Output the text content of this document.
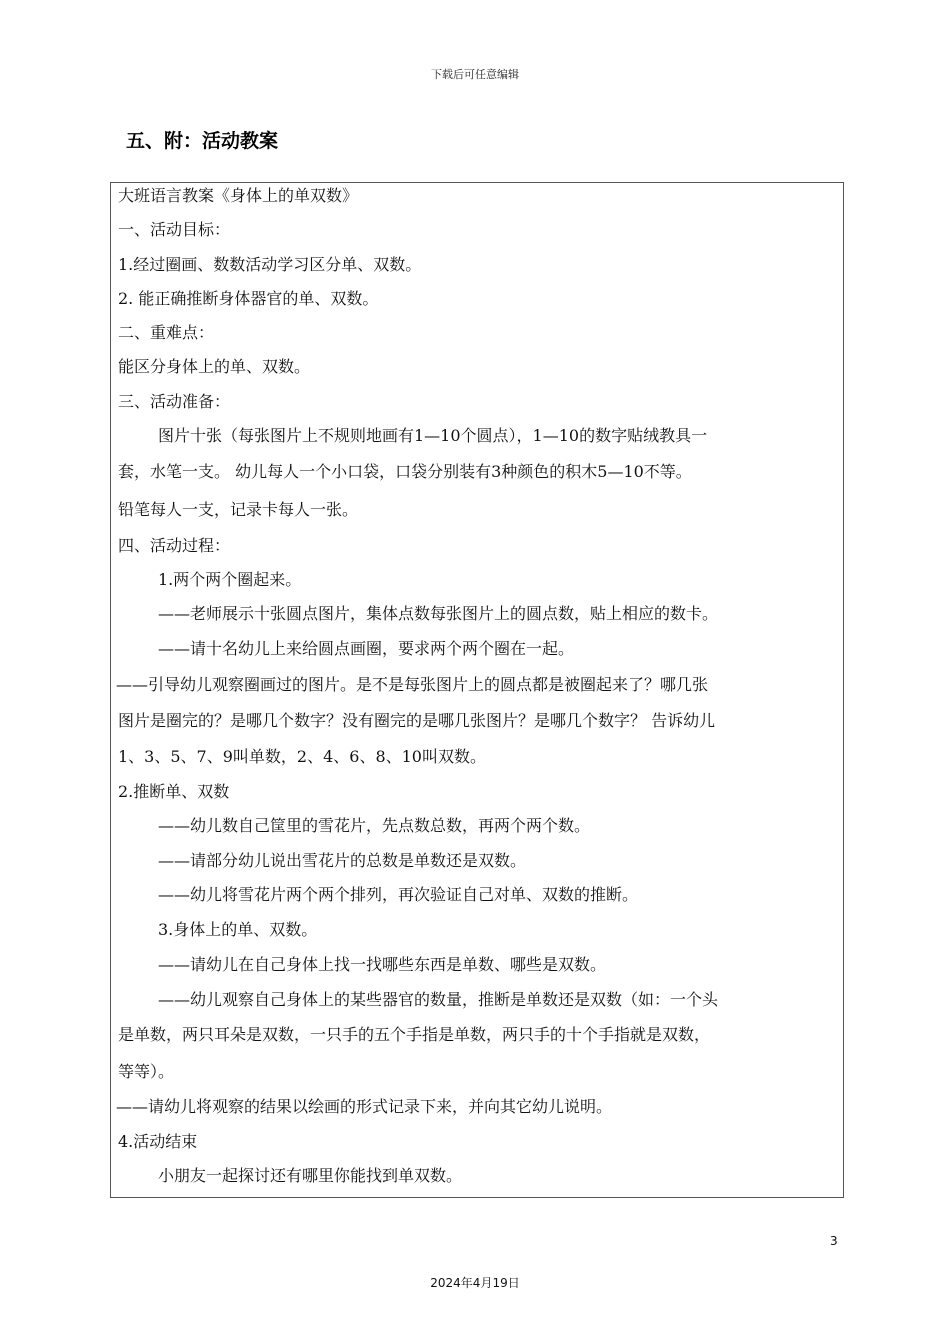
下载后可任意编辑
五、附：活动教案
大班语言教案《身体上的单双数》
一、活动目标：
1.经过圈画、数数活动学习区分单、双数。
2. 能正确推断身体器官的单、双数。
二、重难点：
能区分身体上的单、双数。
三、活动准备：
图片十张（每张图片上不规则地画有1—10个圆点），1—10的数字贴绒教具一
套，水笔一支。 幼儿每人一个小口袋，口袋分别装有3种颜色的积木5—10不等。
铅笔每人一支，记录卡每人一张。
四、活动过程：
1.两个两个圈起来。
——老师展示十张圆点图片，集体点数每张图片上的圆点数，贴上相应的数卡。
——请十名幼儿上来给圆点画圈，要求两个两个圈在一起。
——引导幼儿观察圈画过的图片。是不是每张图片上的圆点都是被圈起来了？哪几张
图片是圈完的？是哪几个数字？没有圈完的是哪几张图片？是哪几个数字？ 告诉幼儿
1、3、5、7、9叫单数，2、4、6、8、10叫双数。
2.推断单、双数
——幼儿数自己筐里的雪花片，先点数总数，再两个两个数。
——请部分幼儿说出雪花片的总数是单数还是双数。
——幼儿将雪花片两个两个排列，再次验证自己对单、双数的推断。
3.身体上的单、双数。
——请幼儿在自己身体上找一找哪些东西是单数、哪些是双数。
——幼儿观察自己身体上的某些器官的数量，推断是单数还是双数（如：一个头
是单数，两只耳朵是双数，一只手的五个手指是单数，两只手的十个手指就是双数，
等等）。
——请幼儿将观察的结果以绘画的形式记录下来，并向其它幼儿说明。
4.活动结束
小朋友一起探讨还有哪里你能找到单双数。
3
2024年4月19日
